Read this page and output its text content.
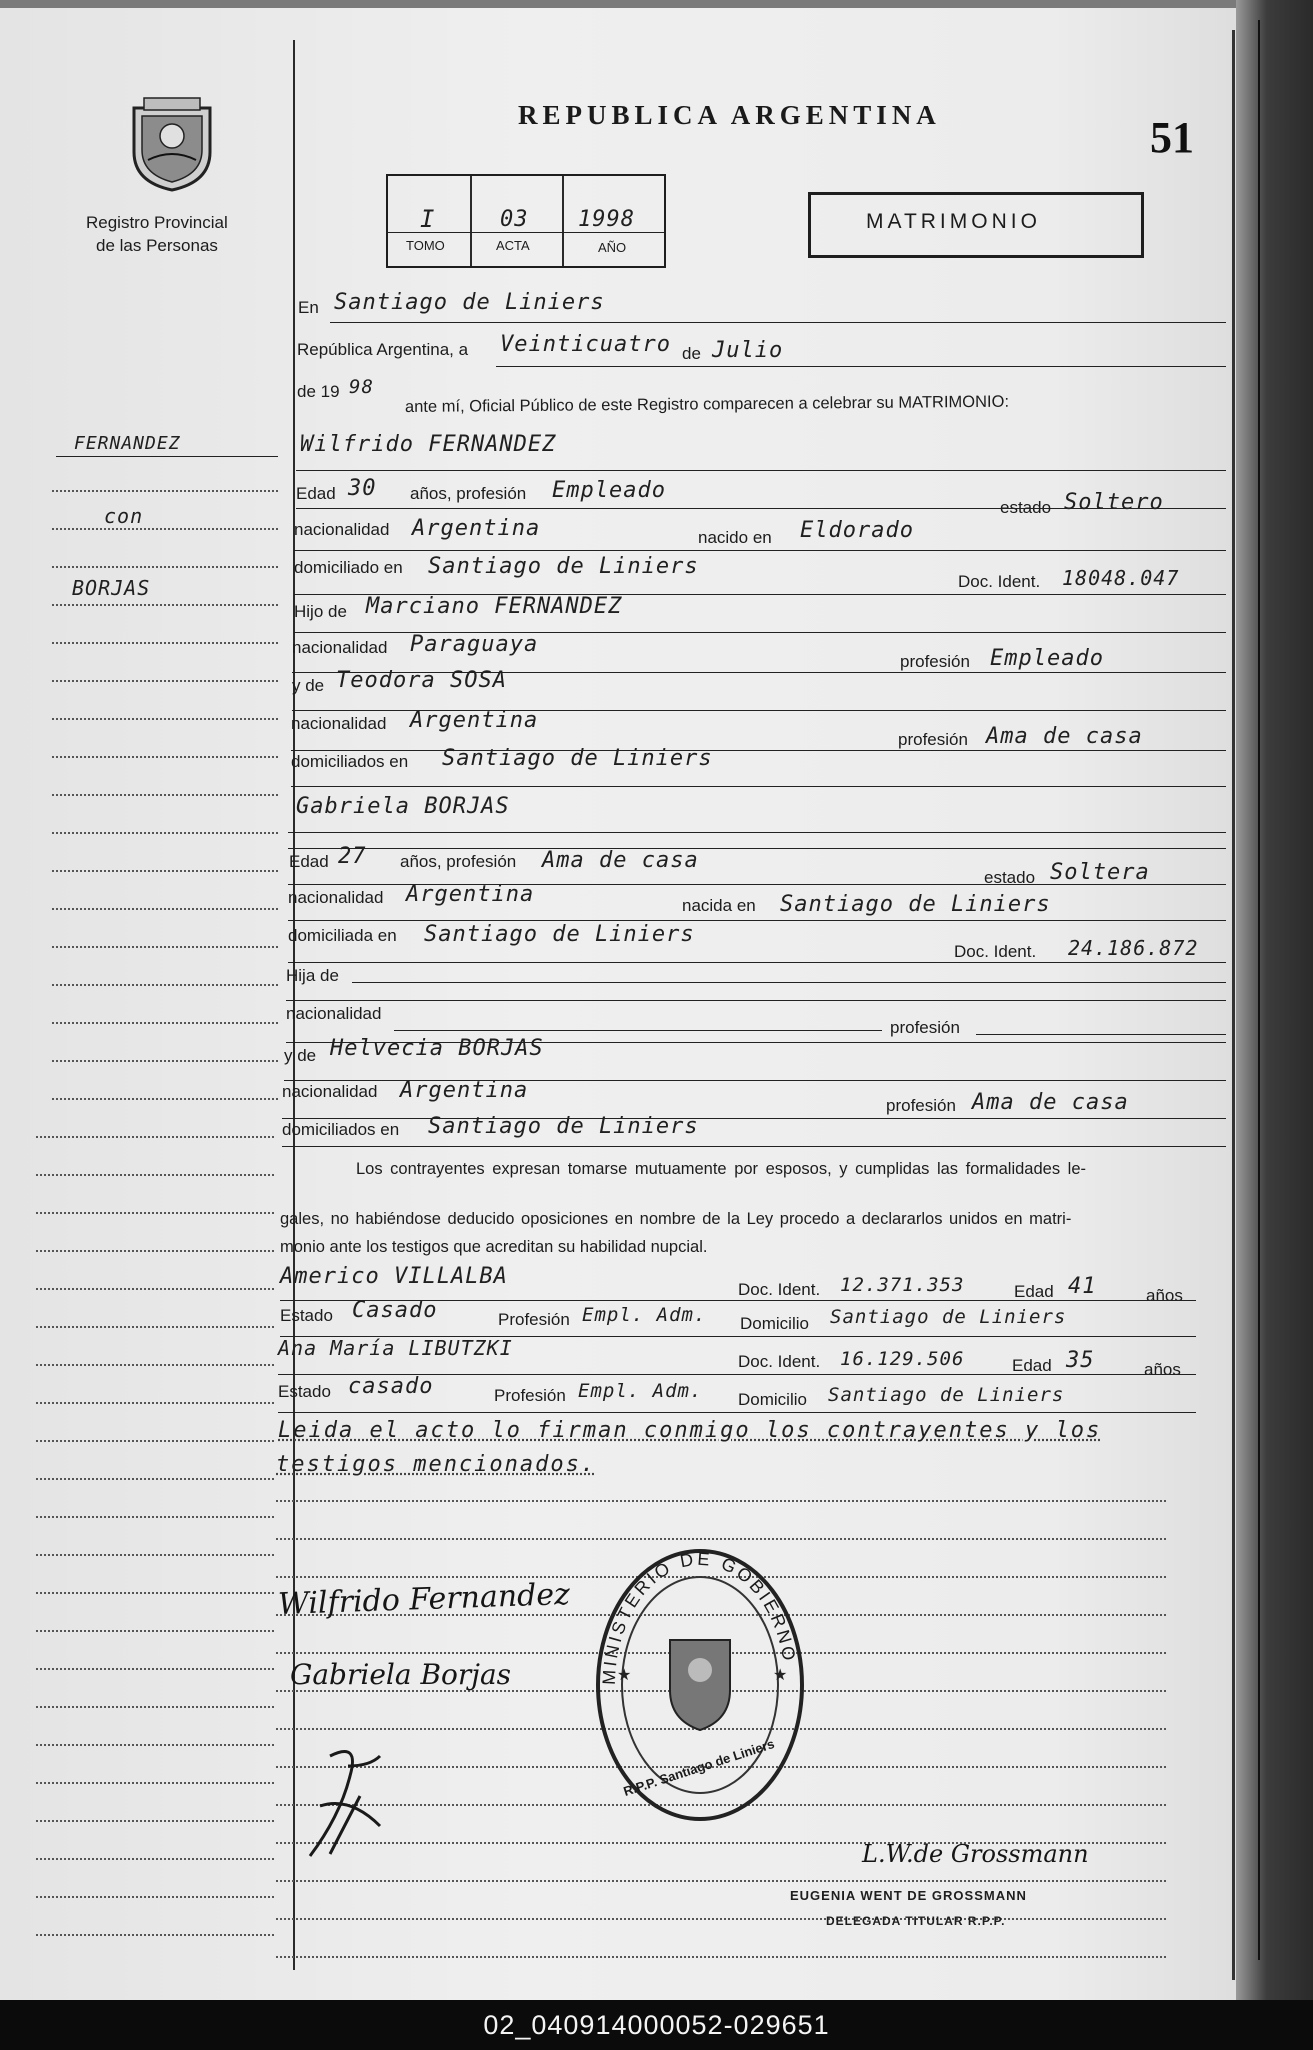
Registro Provincial
de las Personas
REPUBLICA ARGENTINA	51
I	03 1998
TOMO	ACTA	AÑO
MATRIMONIO
FERNANDEZ
con
BORJAS
En Santiago de Liniers
República Argentina, a Veinticuatro de Julio
de 19 98
ante mí, Oficial Público de este Registro comparecen a celebrar su MATRIMONIO:
Wilfrido FERNANDEZ
Edad 30 años, profesión Empleado
estado Soltero
nacionalidad Argentina	nacido en Eldorado
domiciliado en Santiago de Liniers
Doc. Ident. 18048.047
Hijo de Marciano FERNANDEZ
nacionalidad Paraguaya
profesión Empleado
y de Teodora SOSA
nacionalidad Argentina
profesión Ama de casa
domiciliados en Santiago de Liniers
Gabriela BORJAS
Edad 27 años, profesión Ama de casa
estado Soltera
nacionalidad Argentina	nacida en Santiago de Liniers
domiciliada en Santiago de Liniers
Doc. Ident. 24.186.872
Hija de
nacionalidad
profesión
y de Helvecia BORJAS
nacionalidad Argentina
profesión Ama de casa
domiciliados en Santiago de Liniers
Los contrayentes expresan tomarse mutuamente por esposos, y cumplidas las formalidades le-
gales, no habiéndose deducido oposiciones en nombre de la Ley procedo a declararlos unidos en matri-
monio ante los testigos que acreditan su habilidad nupcial.
Americo VILLALBA
Doc. Ident. 12.371.353	Edad 41	años
Estado Casado	Profesión Empl. Adm. Domicilio Santiago de Liniers
Ana María LIBUTZKI
Doc. Ident. 16.129.506	Edad 35	años
Estado casado	Profesión Empl. Adm. Domicilio Santiago de Liniers
Leida el acto lo firman conmigo los contrayentes y los
testigos mencionados.
Wilfrido Fernandez
Gabriela Borjas	MINISTERIO DE GOBIERNO
★	★
R.P.P. Santiago de Liniers
L.W.de Grossmann
EUGENIA WENT DE GROSSMANN
DELEGADA TITULAR R.P.P.
02_040914000052-029651
